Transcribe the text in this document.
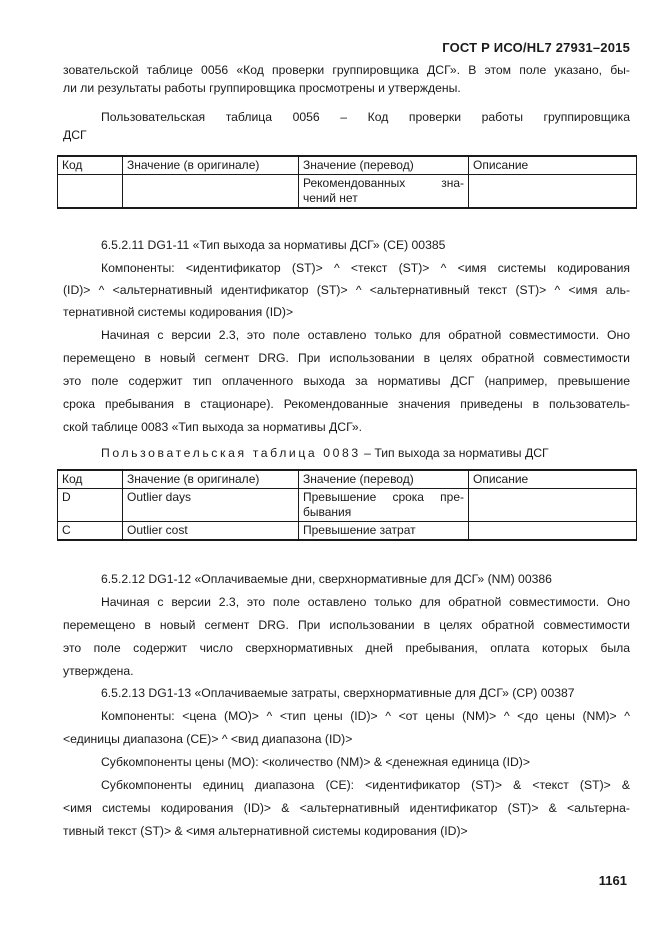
ГОСТ Р ИСО/HL7 27931–2015
зовательской таблице 0056 «Код проверки группировщика ДСГ». В этом поле указано, бы-
ли ли результаты работы группировщика просмотрены и утверждены.
Пользовательская таблица 0056 – Код проверки работы группировщика
ДСГ
Код	Значение (в оригинале)	Значение (перевод)	Описание

		Рекомендованных зна-
чений нет	

6.5.2.11 DG1-11 «Тип выхода за нормативы ДСГ» (CE) 00385
Компоненты: <идентификатор (ST)> ^ <текст (ST)> ^ <имя системы кодирования
(ID)> ^ <альтернативный идентификатор (ST)> ^ <альтернативный текст (ST)> ^ <имя аль-
тернативной системы кодирования (ID)>
Начиная с версии 2.3, это поле оставлено только для обратной совместимости. Оно
перемещено в новый сегмент DRG. При использовании в целях обратной совместимости
это поле содержит тип оплаченного выхода за нормативы ДСГ (например, превышение
срока пребывания в стационаре). Рекомендованные значения приведены в пользователь-
ской таблице 0083 «Тип выхода за нормативы ДСГ».
Пользовательская таблица 0083 – Тип выхода за нормативы ДСГ
Код	Значение (в оригинале)	Значение (перевод)	Описание
D	Outlier days	Превышение срока пре-
бывания	

C	Outlier cost	Превышение затрат	
6.5.2.12 DG1-12 «Оплачиваемые дни, сверхнормативные для ДСГ» (NM) 00386
Начиная с версии 2.3, это поле оставлено только для обратной совместимости. Оно
перемещено в новый сегмент DRG. При использовании в целях обратной совместимости
это поле содержит число сверхнормативных дней пребывания, оплата которых была
утверждена.
6.5.2.13 DG1-13 «Оплачиваемые затраты, сверхнормативные для ДСГ» (CP) 00387
Компоненты: <цена (MO)> ^ <тип цены (ID)> ^ <от цены (NM)> ^ <до цены (NM)> ^
<единицы диапазона (CE)> ^ <вид диапазона (ID)>
Субкомпоненты цены (MO): <количество (NM)> & <денежная единица (ID)>
Субкомпоненты единиц диапазона (CE): <идентификатор (ST)> & <текст (ST)> &
<имя системы кодирования (ID)> & <альтернативный идентификатор (ST)> & <альтерна-
тивный текст (ST)> & <имя альтернативной системы кодирования (ID)>
1161
